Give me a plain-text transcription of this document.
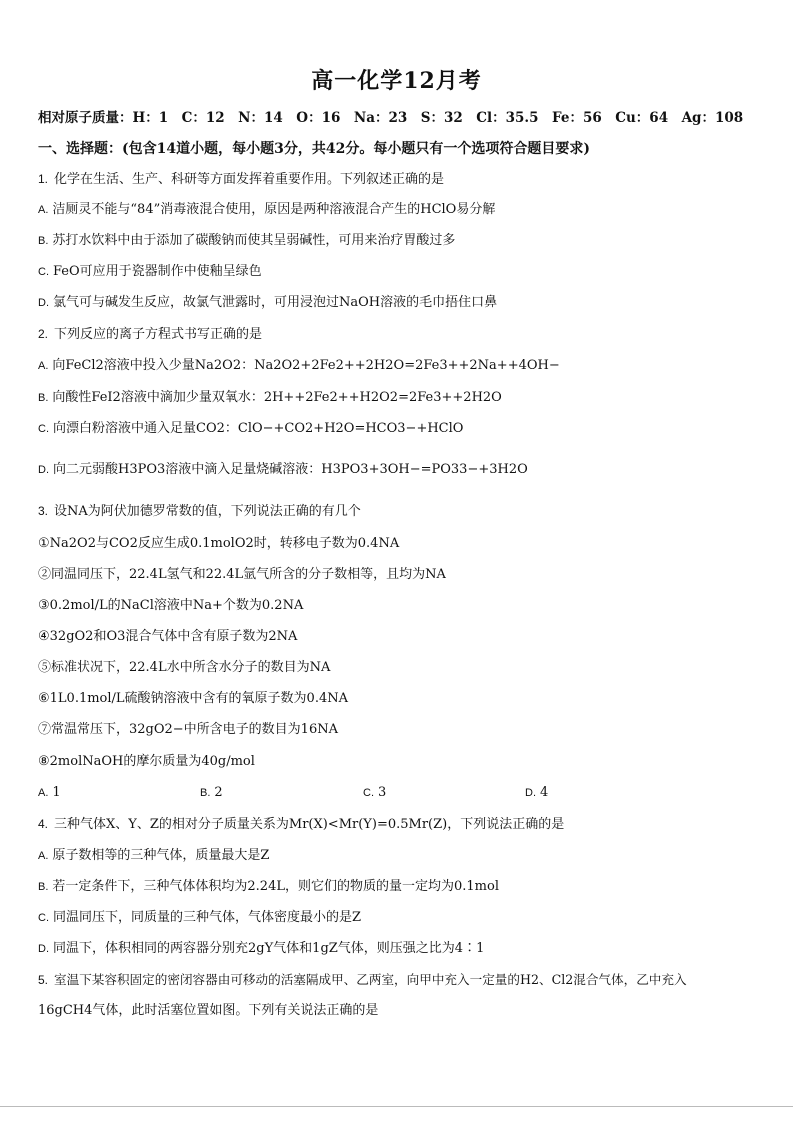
高一化学12月考
相对原子质量：H：1　C：12　N：14　O：16　Na：23　S：32　Cl：35.5　Fe：56　Cu：64　Ag：108
一、选择题：(包含14道小题，每小题3分，共42分。每小题只有一个选项符合题目要求)
1. 化学在生活、生产、科研等方面发挥着重要作用。下列叙述正确的是
A. 洁厕灵不能与“84”消毒液混合使用，原因是两种溶液混合产生的HClO易分解
B. 苏打水饮料中由于添加了碳酸钠而使其呈弱碱性，可用来治疗胃酸过多
C. FeO可应用于瓷器制作中使釉呈绿色
D. 氯气可与碱发生反应，故氯气泄露时，可用浸泡过NaOH溶液的毛巾捂住口鼻
2. 下列反应的离子方程式书写正确的是
A. 向FeCl2溶液中投入少量Na2O2：Na2O2+2Fe2++2H2O=2Fe3++2Na++4OH−
B. 向酸性FeI2溶液中滴加少量双氧水：2H++2Fe2++H2O2=2Fe3++2H2O
C. 向漂白粉溶液中通入足量CO2：ClO−+CO2+H2O=HCO3−+HClO
D. 向二元弱酸H3PO3溶液中滴入足量烧碱溶液：H3PO3+3OH−=PO33−+3H2O
3. 设NA为阿伏加德罗常数的值，下列说法正确的有几个
①Na2O2与CO2反应生成0.1molO2时，转移电子数为0.4NA
②同温同压下，22.4L氢气和22.4L氩气所含的分子数相等，且均为NA
③0.2mol/L的NaCl溶液中Na+个数为0.2NA
④32gO2和O3混合气体中含有原子数为2NA
⑤标准状况下，22.4L水中所含水分子的数目为NA
⑥1L0.1mol/L硫酸钠溶液中含有的氧原子数为0.4NA
⑦常温常压下，32gO2−中所含电子的数目为16NA
⑧2molNaOH的摩尔质量为40g/mol
A. 1	B. 2	C. 3	D. 4
4. 三种气体X、Y、Z的相对分子质量关系为Mr(X)<Mr(Y)=0.5Mr(Z)，下列说法正确的是
A. 原子数相等的三种气体，质量最大是Z
B. 若一定条件下，三种气体体积均为2.24L，则它们的物质的量一定均为0.1mol
C. 同温同压下，同质量的三种气体，气体密度最小的是Z
D. 同温下，体积相同的两容器分别充2gY气体和1gZ气体，则压强之比为4∶1
5. 室温下某容积固定的密闭容器由可移动的活塞隔成甲、乙两室，向甲中充入一定量的H2、Cl2混合气体，乙中充入
16gCH4气体，此时活塞位置如图。下列有关说法正确的是
